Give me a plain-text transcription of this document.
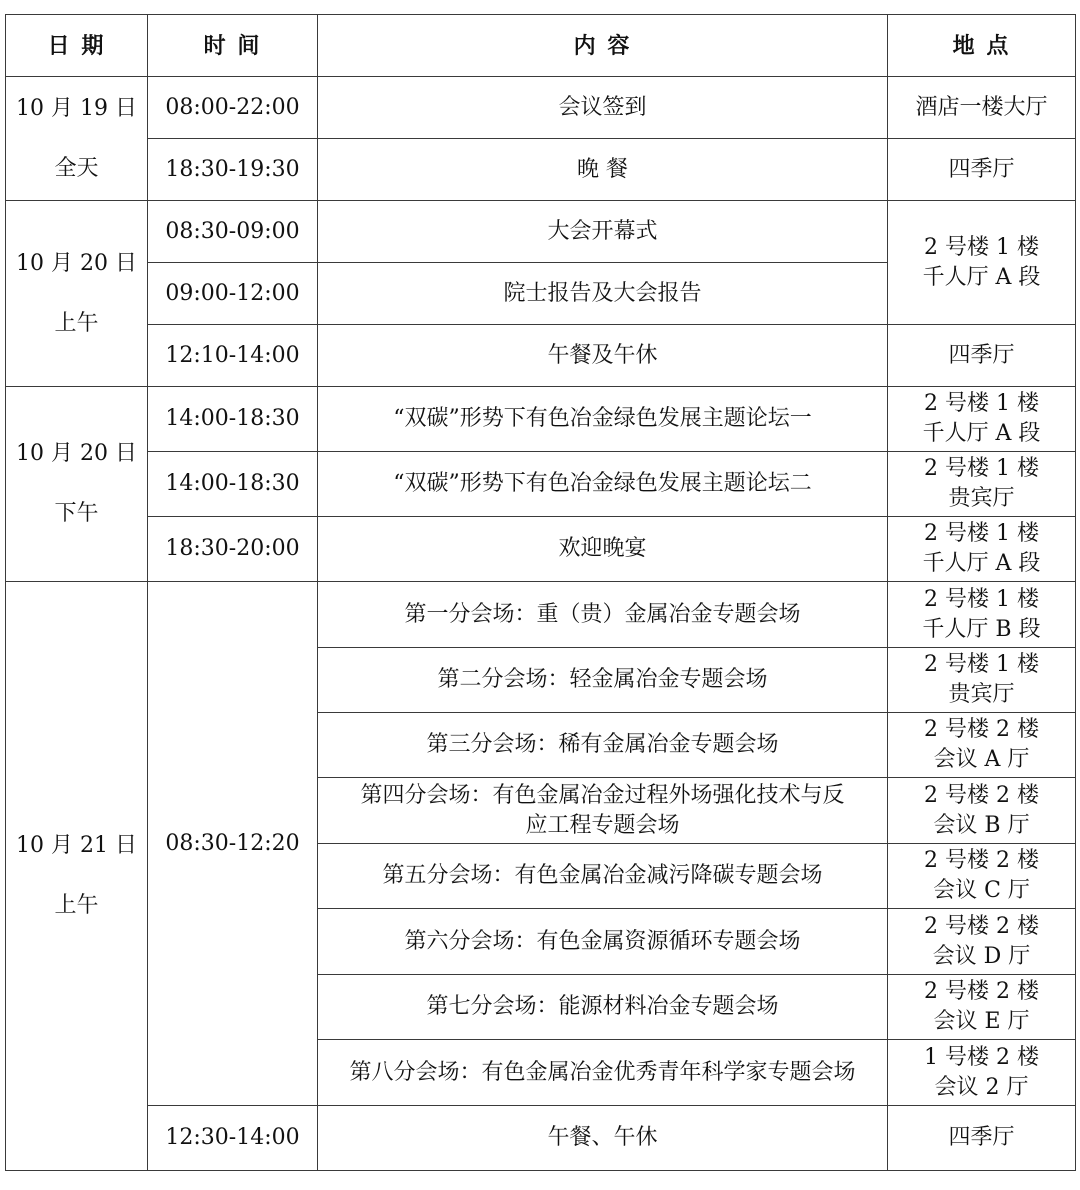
日 期	时 间	内 容	地 点

10 月 19 日
全天	08:00-22:00	会议签到	酒店一楼大厅

	18:30-19:30	晚 餐	四季厅

10 月 20 日
上午	08:30-09:00	大会开幕式	2 号楼 1 楼
千人厅 A 段

	09:00-12:00	院士报告及大会报告	
	12:10-14:00	午餐及午休	四季厅

10 月 20 日
下午	14:00-18:30	“双碳”形势下有色冶金绿色发展主题论坛一	2 号楼 1 楼
千人厅 A 段

	14:00-18:30	“双碳”形势下有色冶金绿色发展主题论坛二	2 号楼 1 楼
贵宾厅

	18:30-20:00	欢迎晚宴	2 号楼 1 楼
千人厅 A 段

10 月 21 日
上午	08:30-12:20	第一分会场：重（贵）金属冶金专题会场	2 号楼 1 楼
千人厅 B 段

		第二分会场：轻金属冶金专题会场	2 号楼 1 楼
贵宾厅

		第三分会场：稀有金属冶金专题会场	2 号楼 2 楼
会议 A 厅

		第四分会场：有色金属冶金过程外场强化技术与反应工程专题会场	2 号楼 2 楼
会议 B 厅

		第五分会场：有色金属冶金减污降碳专题会场	2 号楼 2 楼
会议 C 厅

		第六分会场：有色金属资源循环专题会场	2 号楼 2 楼
会议 D 厅

		第七分会场：能源材料冶金专题会场	2 号楼 2 楼
会议 E 厅

		第八分会场：有色金属冶金优秀青年科学家专题会场	1 号楼 2 楼
会议 2 厅

	12:30-14:00	午餐、午休	四季厅
